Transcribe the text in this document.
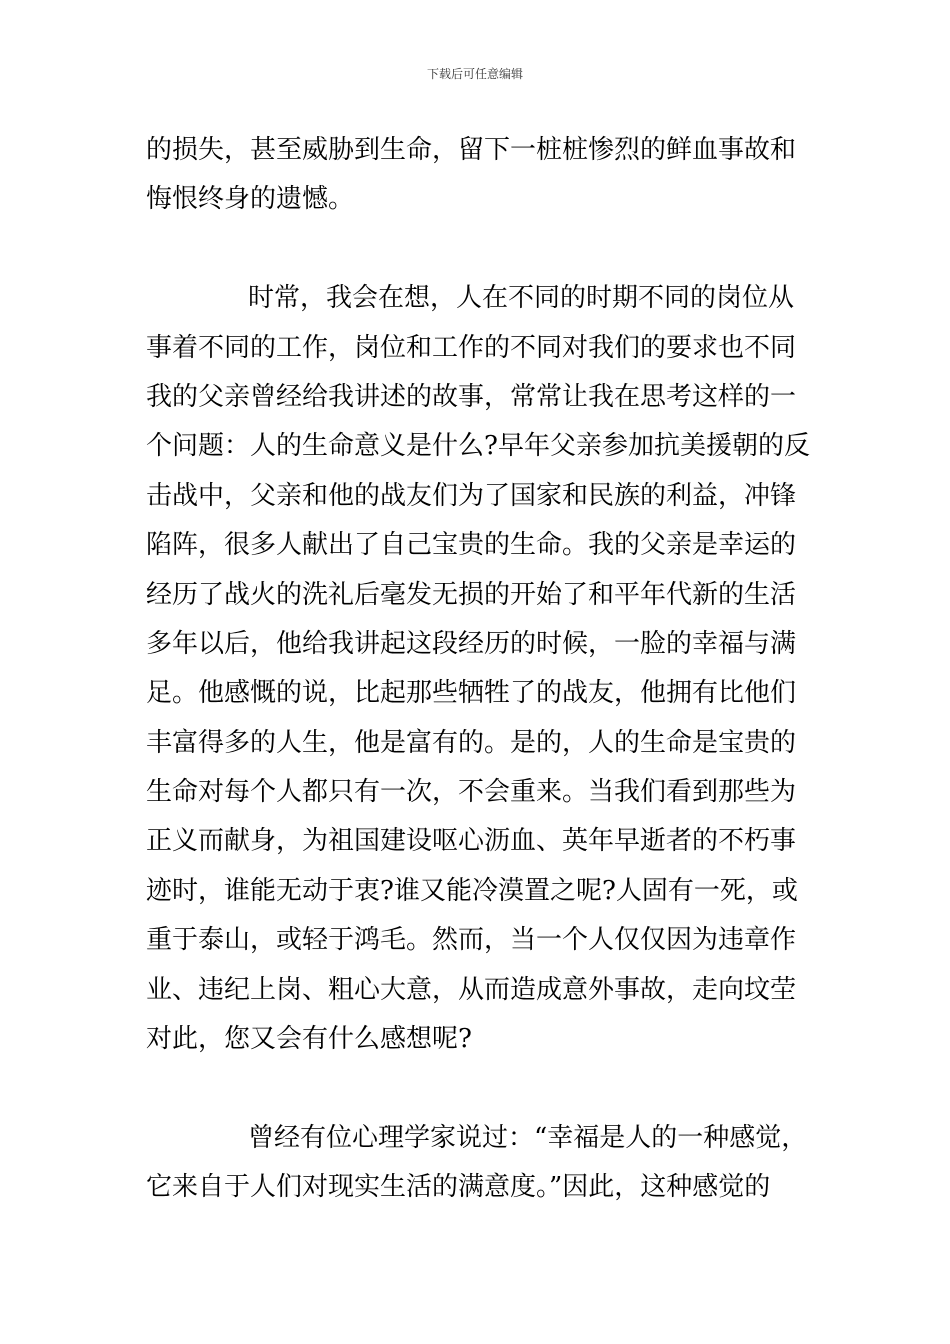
下载后可任意编辑
的损失，甚至威胁到生命，留下一桩桩惨烈的鲜血事故和
悔恨终身的遗憾。
时常，我会在想，人在不同的时期不同的岗位从
事着不同的工作，岗位和工作的不同对我们的要求也不同
我的父亲曾经给我讲述的故事，常常让我在思考这样的一
个问题：人的生命意义是什么?早年父亲参加抗美援朝的反
击战中，父亲和他的战友们为了国家和民族的利益，冲锋
陷阵，很多人献出了自己宝贵的生命。我的父亲是幸运的
经历了战火的洗礼后毫发无损的开始了和平年代新的生活
多年以后，他给我讲起这段经历的时候，一脸的幸福与满
足。他感慨的说，比起那些牺牲了的战友，他拥有比他们
丰富得多的人生，他是富有的。是的，人的生命是宝贵的
生命对每个人都只有一次，不会重来。当我们看到那些为
正义而献身，为祖国建设呕心沥血、英年早逝者的不朽事
迹时，谁能无动于衷?谁又能冷漠置之呢?人固有一死，或
重于泰山，或轻于鸿毛。然而，当一个人仅仅因为违章作
业、违纪上岗、粗心大意，从而造成意外事故，走向坟茔
对此，您又会有什么感想呢?
曾经有位心理学家说过：“幸福是人的一种感觉，
它来自于人们对现实生活的满意度。”因此，这种感觉的
